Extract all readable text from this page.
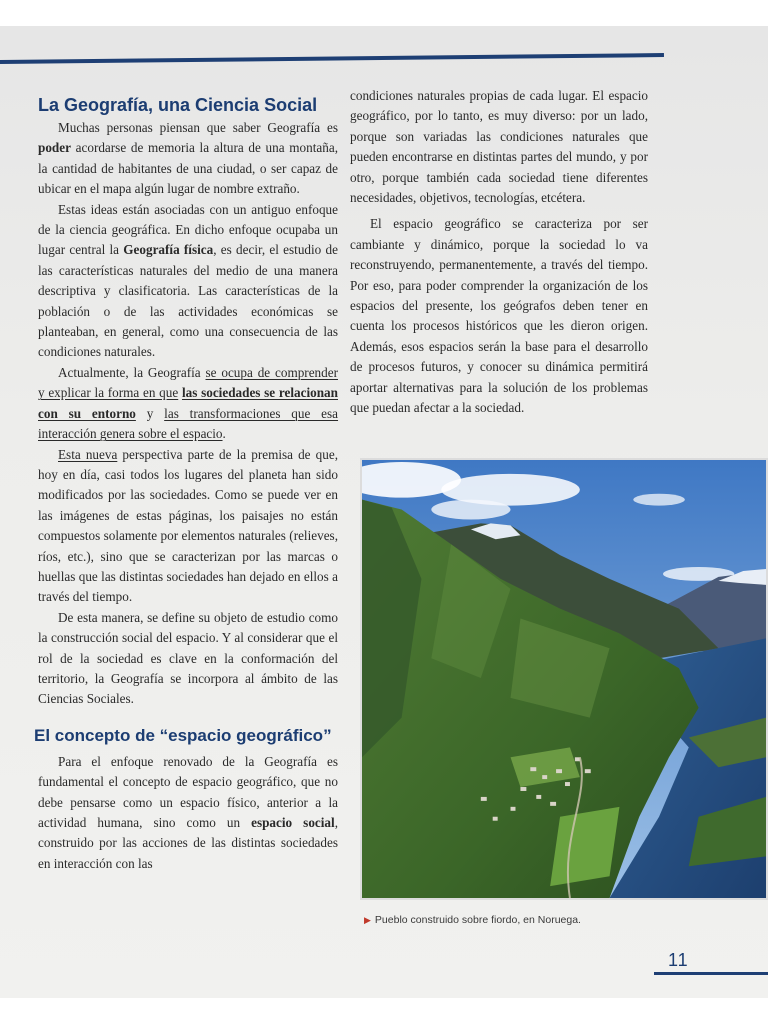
La Geografía, una Ciencia Social

Muchas personas piensan que saber Geografía es poder acordarse de memoria la altura de una montaña, la cantidad de habitantes de una ciudad, o ser capaz de ubicar en el mapa algún lugar de nombre extraño.

Estas ideas están asociadas con un antiguo enfoque de la ciencia geográfica. En dicho enfoque ocupaba un lugar central la Geografía física, es decir, el estudio de las características naturales del medio de una manera descriptiva y clasificatoria. Las características de la población o de las actividades económicas se planteaban, en general, como una consecuencia de las condiciones naturales.

Actualmente, la Geografía se ocupa de comprender y explicar la forma en que las sociedades se relacionan con su entorno y las transformaciones que esa interacción genera sobre el espacio.

Esta nueva perspectiva parte de la premisa de que, hoy en día, casi todos los lugares del planeta han sido modificados por las sociedades. Como se puede ver en las imágenes de estas páginas, los paisajes no están compuestos solamente por elementos naturales (relieves, ríos, etc.), sino que se caracterizan por las marcas o huellas que las distintas sociedades han dejado en ellos a través del tiempo.

De esta manera, se define su objeto de estudio como la construcción social del espacio. Y al considerar que el rol de la sociedad es clave en la conformación del territorio, la Geografía se incorpora al ámbito de las Ciencias Sociales.

El concepto de “espacio geográfico”

Para el enfoque renovado de la Geografía es fundamental el concepto de espacio geográfico, que no debe pensarse como un espacio físico, anterior a la actividad humana, sino como un espacio social, construido por las acciones de las distintas sociedades en interacción con las

condiciones naturales propias de cada lugar. El espacio geográfico, por lo tanto, es muy diverso: por un lado, porque son variadas las condiciones naturales que pueden encontrarse en distintas partes del mundo, y por otro, porque también cada sociedad tiene diferentes necesidades, objetivos, tecnologías, etcétera.

El espacio geográfico se caracteriza por ser cambiante y dinámico, porque la sociedad lo va reconstruyendo, permanentemente, a través del tiempo. Por eso, para poder comprender la organización de los espacios del presente, los geógrafos deben tener en cuenta los procesos históricos que les dieron origen. Además, esos espacios serán la base para el desarrollo de procesos futuros, y conocer su dinámica permitirá aportar alternativas para la solución de los problemas que puedan afectar a la sociedad.

▶ Pueblo construido sobre fiordo, en Noruega.
11
